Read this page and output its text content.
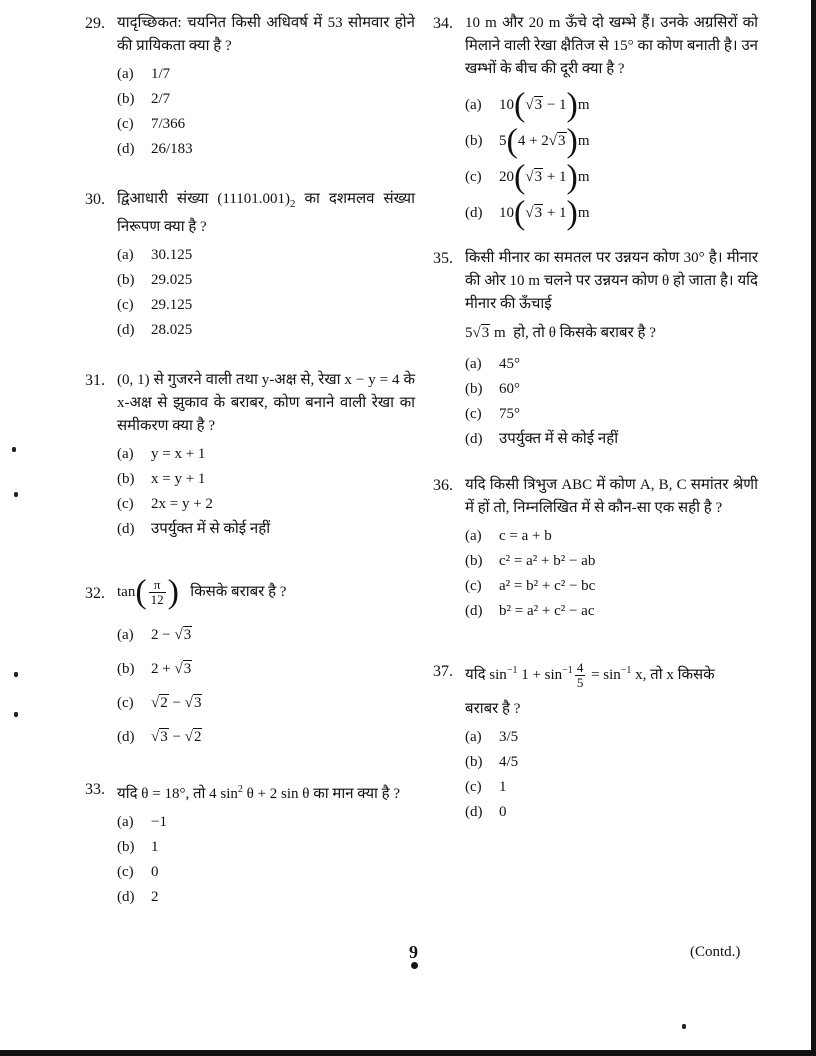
29. यादृच्छिकत: चयनित किसी अधिवर्ष में 53 सोमवार होने की प्रायिकता क्या है ?
(a) 1/7
(b) 2/7
(c) 7/366
(d) 26/183
30. द्विआधारी संख्या $(11101.001)_2$ का दशमलव संख्या निरूपण क्या है ?
(a) 30.125
(b) 29.025
(c) 29.125
(d) 28.025
31. (0, 1) से गुजरने वाली तथा y-अक्ष से, रेखा x − y = 4 के x-अक्ष से झुकाव के बराबर, कोण बनाने वाली रेखा का समीकरण क्या है ?
(a) y = x + 1
(b) x = y + 1
(c) 2x = y + 2
(d) उपर्युक्त में से कोई नहीं
32. $\tan( \frac{\pi}{12}$ ) किसके बराबर है ?
(a) 2 − √3
(b) 2 + √3
(c) √2 − √3
(d) √3 − √2
33. यदि θ = 18°, तो 4 $\sin^2 \theta + 2$ sin θ का मान क्या है ?
(a) −1
(b) 1
(c) 0
(d) 2
34. 10 m और 20 m ऊँचे दो खम्भे हैं। उनके अग्रसिरों को मिलाने वाली रेखा क्षैतिज से 15° का कोण बनाती है। उन खम्भों के बीच की दूरी क्या है ?
(a) 10(√3 − 1)m
(b) 5(4 + 2√3)m
(c) 20(√3 + 1)m
(d) 10(√3 + 1)m
35. किसी मीनार का समतल पर उन्नयन कोण 30° है। मीनार की ओर 10 m चलने पर उन्नयन कोण θ हो जाता है। यदि मीनार की ऊँचाई
5√3 m हो, तो θ किसके बराबर है ?
(a) 45°
(b) 60°
(c) 75°
(d) उपर्युक्त में से कोई नहीं
36. यदि किसी त्रिभुज ABC में कोण A, B, C समांतर श्रेणी में हों तो, निम्नलिखित में से कौन-सा एक सही है ?
(a) c = a + b
(b) c² = a² + b² − ab
(c) a² = b² + c² − bc
(d) b² = a² + c² − ac
37. यदि $\sin^{-1} 1 + \sin^{-1} \frac{4}{5} = \sin^{-1} x$, तो x किसके
बराबर है ?
(a) 3/5
(b) 4/5
(c) 1
(d) 0
9	(Contd.)
